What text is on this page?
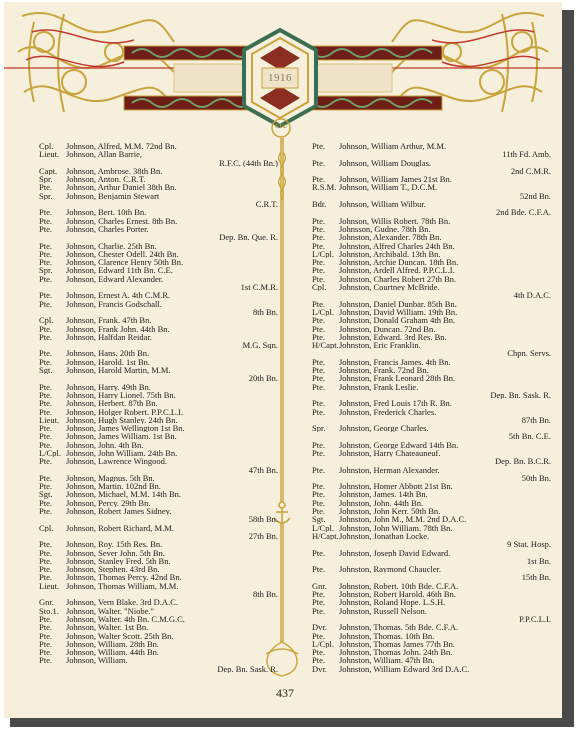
1916
CFL
Cpl.	Johnson, Alfred, M.M. 72nd Bn.
Lieut. Johnson, Allan Barrie,
R.F.C. (44th Bn.)
Capt.	Johnson, Ambrose. 38th Bn.
Spr.	Johnson, Anton. C.R.T.
Pte.	Johnson, Arthur Daniel 38th Bn.
Spr.	Johnson, Benjamin Stewart
C.R.T.
Pte.	Johnson, Bert. 10th Bn.
Pte.	Johnson, Charles Ernest. 8th Bn.
Pte.	Johnson, Charles Porter.
Dep. Bn. Que. R.
Pte.	Johnson, Charlie. 25th Bn.
Pte.	Johnson, Chester Odell. 24th Bn.
Pte.	Johnson, Clarence Henry 50th Bn.
Spr.	Johnson, Edward 11th Bn. C.E.
Pte.	Johnson, Edward Alexander.
1st C.M.R.
Pte.	Johnson, Ernest A. 4th C.M.R.
Pte.	Johnson, Francis Godschall.
8th Bn.
Cpl.	Johnson, Frank. 47th Bn.
Pte.	Johnson, Frank John. 44th Bn.
Pte.	Johnson, Halfdan Reidar.
M.G. Sqn.
Pte.	Johnson, Hans. 20th Bn.
Pte.	Johnson, Harold. 1st Bn.
Sgt.	Johnson, Harold Martin, M.M.
20th Bn.
Pte.	Johnson, Harry. 49th Bn.
Pte.	Johnson, Harry Lionel. 75th Bn.
Pte.	Johnson, Herbert. 87th Bn.
Pte.	Johnson, Holger Robert. P.P.C.L.I.
Lieut. Johnson, Hugh Stanley. 24th Bn.
Pte.	Johnson, James Wellington 1st Bn.
Pte.	Johnson, James William. 1st Bn.
Pte.	Johnson, John. 4th Bn.
L/Cpl. Johnson, John William. 24th Bn.
Pte.	Johnson, Lawrence Wingood.
47th Bn.
Pte.	Johnson, Magnus. 5th Bn.
Pte.	Johnson, Martin. 102nd Bn.
Sgt.	Johnson, Michael, M.M. 14th Bn.
Pte.	Johnson, Percy. 29th Bn.
Pte.	Johnson, Robert James Sidney.
58th Bn.
Cpl.	Johnson, Robert Richard, M.M.
27th Bn.
Pte.	Johnson, Roy. 15th Res. Bn.
Pte.	Johnson, Sever John. 5th Bn.
Pte.	Johnson, Stanley Fred. 5th Bn.
Pte.	Johnson, Stephen. 43rd Bn.
Pte.	Johnson, Thomas Percy. 42nd Bn.
Lieut. Johnson, Thomas William, M.M.
8th Bn.
Gnr.	Johnson, Vern Blake. 3rd D.A.C.
Sto.1. Johnson, Walter. "Niobe."
Pte.	Johnson, Walter. 4th Bn. C.M.G.C.
Pte.	Johnson, Walter. 1st Bn.
Pte.	Johnson, Walter Scott. 25th Bn.
Pte.	Johnson, William. 28th Bn.
Pte.	Johnson, William. 44th Bn.
Pte.	Johnson, William.
Dep. Bn. Sask. R.
Pte.	Johnson, William Arthur, M.M.
11th Fd. Amb.
Pte.	Johnson, William Douglas.
2nd C.M.R.
Pte.	Johnson, William James 21st Bn.
R.S.M. Johnson, William T., D.C.M.
52nd Bn.
Bdr.	Johnson, William Wilbur.
2nd Bde. C.F.A.
Pte.	Johnson, Willis Robert. 78th Bn.
Pte.	Johnsson, Gudne. 78th Bn.
Pte.	Johnston, Alexander. 78th Bn.
Pte.	Johnston, Alfred Charles 24th Bn.
L/Cpl. Johnston, Archibald. 13th Bn.
Pte.	Johnston, Archie Duncan. 18th Bn.
Pte.	Johnston, Ardell Alfred. P.P.C.L.I.
Pte.	Johnston, Charles Robert 27th Bn.
Cpl.	Johnston, Courtney McBride.
4th D.A.C.
Pte.	Johnston, Daniel Dunbar. 85th Bn.
L/Cpl. Johnston, David William. 19th Bn.
Pte.	Johnston, Donald Graham 4th Bn.
Pte.	Johnston, Duncan. 72nd Bn.
Pte.	Johnston, Edward. 3rd Res. Bn.
H/Capt. Johnston, Eric Franklin.
Chpn. Servs.
Pte.	Johnston, Francis James. 4th Bn.
Pte.	Johnston, Frank. 72nd Bn.
Pte.	Johnston, Frank Leonard 28th Bn.
Pte.	Johnston, Frank Leslie.
Dep. Bn. Sask. R.
Pte.	Johnston, Fred Louis 17th R. Bn.
Pte.	Johnston, Frederick Charles.
87th Bn.
Spr.	Johnston, George Charles.
5th Bn. C.E.
Pte.	Johnston, George Edward 14th Bn.
Pte.	Johnston, Harry Chateauneuf.
Dep. Bn. B.C.R.
Pte.	Johnston, Herman Alexander.
50th Bn.
Pte.	Johnston, Homer Abbott 21st Bn.
Pte.	Johnston, James. 14th Bn.
Pte.	Johnston, John. 44th Bn.
Pte.	Johnston, John Kerr. 50th Bn.
Sgt.	Johnston, John M., M.M. 2nd D.A.C.
L/Cpl. Johnston, John William. 78th Bn.
H/Capt. Johnston, Jonathan Locke.
9 Stat. Hosp.
Pte.	Johnston, Joseph David Edward.
1st Bn.
Pte.	Johnston, Raymond Chaucler.
15th Bn.
Gnr.	Johnston, Robert. 10th Bde. C.F.A.
Pte.	Johnston, Robert Harold. 46th Bn.
Pte.	Johnston, Roland Hope. L.S.H.
Pte.	Johnston, Russell Nelson.
P.P.C.L.I.
Dvr.	Johnston, Thomas. 5th Bde. C.F.A.
Pte.	Johnston, Thomas. 10th Bn.
L/Cpl. Johnston, Thomas James 77th Bn.
Pte.	Johnston, Thomas John. 24th Bn.
Pte.	Johnston, William. 47th Bn.
Dvr.	Johnston, William Edward 3rd D.A.C.
437
